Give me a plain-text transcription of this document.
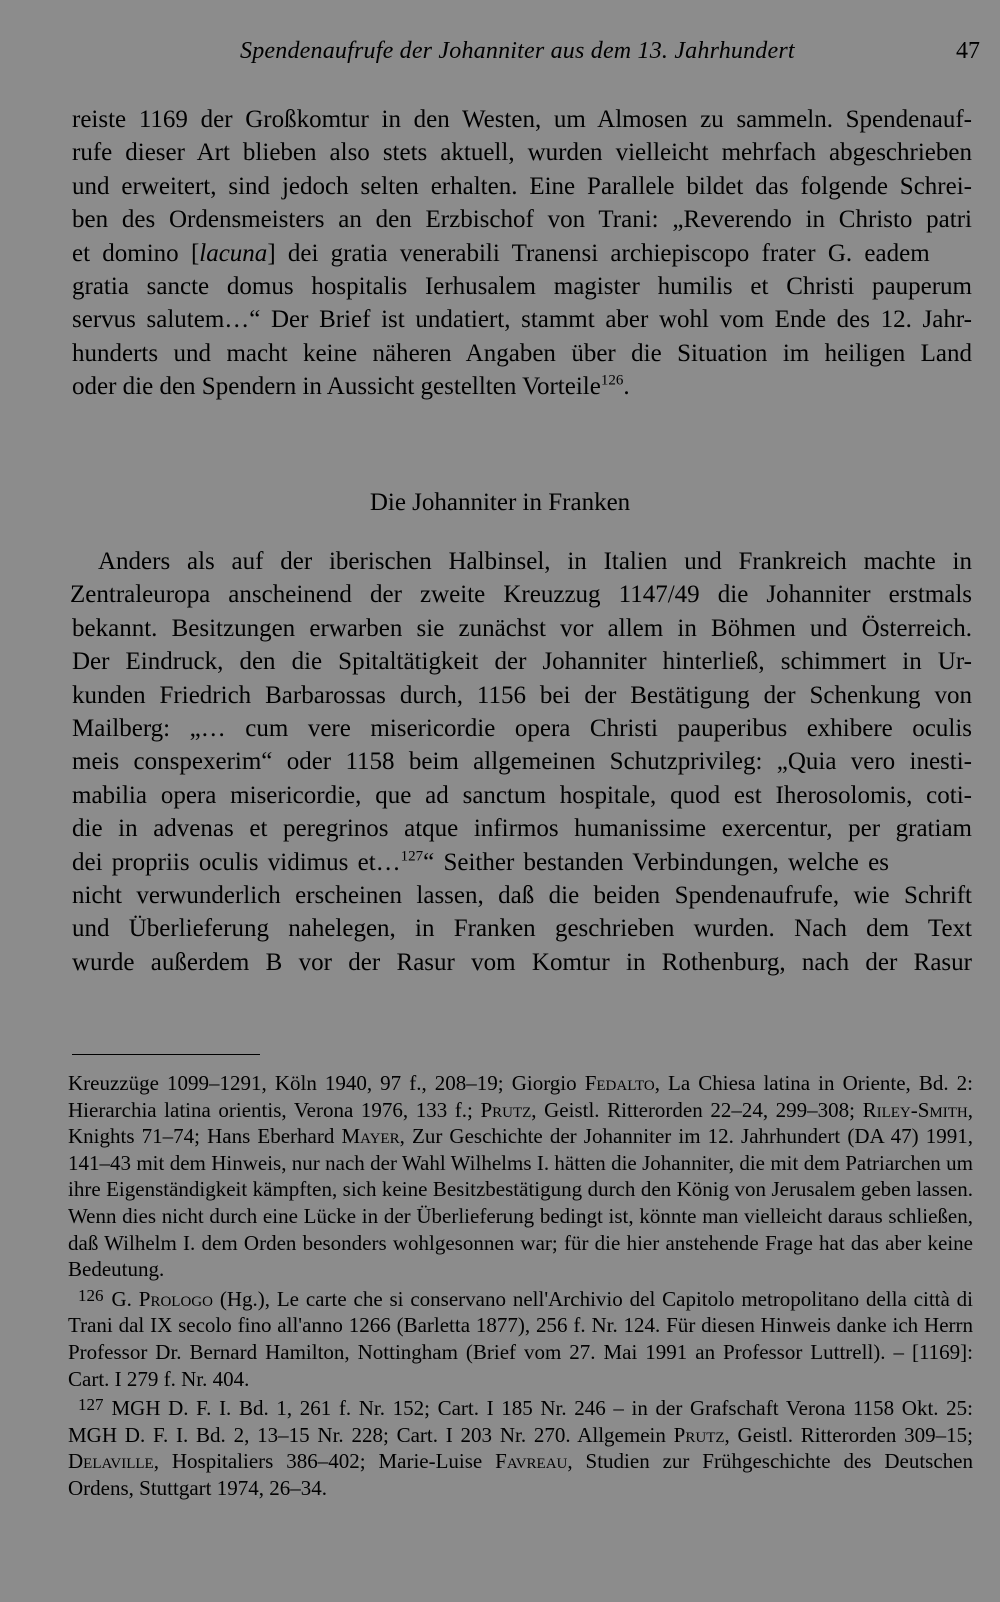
Spendenaufrufe der Johanniter aus dem 13. Jahrhundert	47
reiste 1169 der Großkomtur in den Westen, um Almosen zu sammeln. Spendenauf-
rufe dieser Art blieben also stets aktuell, wurden vielleicht mehrfach abgeschrieben
und erweitert, sind jedoch selten erhalten. Eine Parallele bildet das folgende Schrei-
ben des Ordensmeisters an den Erzbischof von Trani: „Reverendo in Christo patri
et domino [lacuna] dei gratia venerabili Tranensi archiepiscopo frater G. eadem
gratia sancte domus hospitalis Ierhusalem magister humilis et Christi pauperum
servus salutem…“ Der Brief ist undatiert, stammt aber wohl vom Ende des 12. Jahr-
hunderts und macht keine näheren Angaben über die Situation im heiligen Land
oder die den Spendern in Aussicht gestellten Vorteile$^{126}$.
Die Johanniter in Franken
Anders als auf der iberischen Halbinsel, in Italien und Frankreich machte in
Zentraleuropa anscheinend der zweite Kreuzzug 1147/49 die Johanniter erstmals
bekannt. Besitzungen erwarben sie zunächst vor allem in Böhmen und Österreich.
Der Eindruck, den die Spitaltätigkeit der Johanniter hinterließ, schimmert in Ur-
kunden Friedrich Barbarossas durch, 1156 bei der Bestätigung der Schenkung von
Mailberg: „… cum vere misericordie opera Christi pauperibus exhibere oculis
meis conspexerim“ oder 1158 beim allgemeinen Schutzprivileg: „Quia vero inesti-
mabilia opera misericordie, que ad sanctum hospitale, quod est Iherosolomis, coti-
die in advenas et peregrinos atque infirmos humanissime exercentur, per gratiam
dei propriis oculis vidimus et…$^{127}$“ Seither bestanden Verbindungen, welche es
nicht verwunderlich erscheinen lassen, daß die beiden Spendenaufrufe, wie Schrift
und Überlieferung nahelegen, in Franken geschrieben wurden. Nach dem Text
wurde außerdem B vor der Rasur vom Komtur in Rothenburg, nach der Rasur
Kreuzzüge 1099–1291, Köln 1940, 97 f., 208–19; Giorgio Fedalto, La Chiesa latina in Oriente, Bd. 2: Hierarchia latina orientis, Verona 1976, 133 f.; Prutz, Geistl. Ritterorden 22–24, 299–308; Riley-Smith, Knights 71–74; Hans Eberhard Mayer, Zur Geschichte der Johanniter im 12. Jahrhundert (DA 47) 1991, 141–43 mit dem Hinweis, nur nach der Wahl Wilhelms I. hätten die Johanniter, die mit dem Patriarchen um ihre Eigenständigkeit kämpften, sich keine Besitzbestätigung durch den König von Jerusalem geben lassen. Wenn dies nicht durch eine Lücke in der Überlieferung bedingt ist, könnte man vielleicht daraus schließen, daß Wilhelm I. dem Orden besonders wohlgesonnen war; für die hier anstehende Frage hat das aber keine Bedeutung.
$^{126}$ G. Prologo (Hg.), Le carte che si conservano nell'Archivio del Capitolo metropolitano della città di Trani dal IX secolo fino all'anno 1266 (Barletta 1877), 256 f. Nr. 124. Für diesen Hinweis danke ich Herrn Professor Dr. Bernard Hamilton, Nottingham (Brief vom 27. Mai 1991 an Professor Luttrell). – [1169]: Cart. I 279 f. Nr. 404.
$^{127}$ MGH D. F. I. Bd. 1, 261 f. Nr. 152; Cart. I 185 Nr. 246 – in der Grafschaft Verona 1158 Okt. 25: MGH D. F. I. Bd. 2, 13–15 Nr. 228; Cart. I 203 Nr. 270. Allgemein Prutz, Geistl. Ritterorden 309–15; Delaville, Hospitaliers 386–402; Marie-Luise Favreau, Studien zur Frühgeschichte des Deutschen Ordens, Stuttgart 1974, 26–34.
